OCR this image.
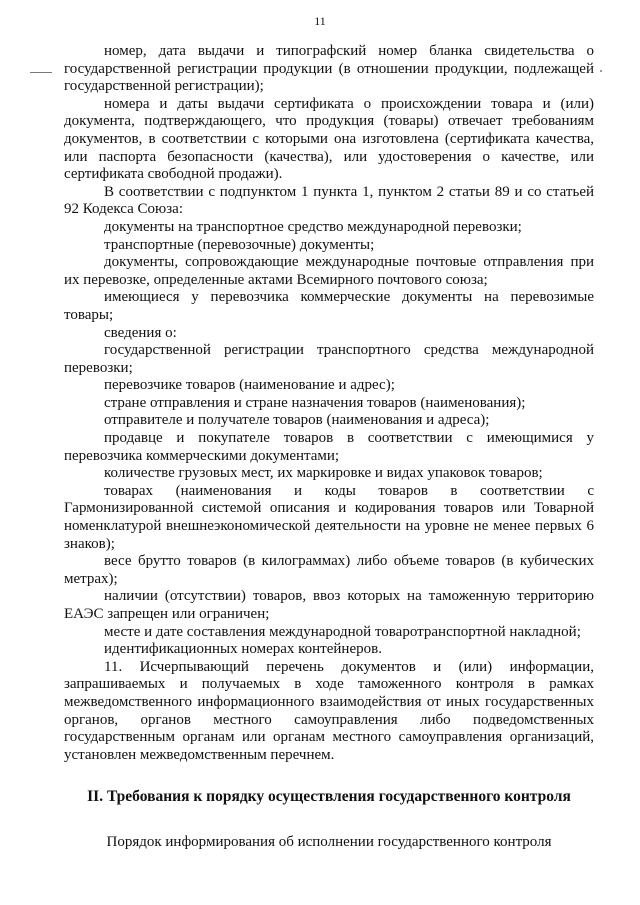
11

номер, дата выдачи и типографский номер бланка свидетельства о государственной регистрации продукции (в отношении продукции, подлежащей государственной регистрации);

номера и даты выдачи сертификата о происхождении товара и (или) документа, подтверждающего, что продукция (товары) отвечает требованиям документов, в соответствии с которыми она изготовлена (сертификата качества, или паспорта безопасности (качества), или удостоверения о качестве, или сертификата свободной продажи).

В соответствии с подпунктом 1 пункта 1, пунктом 2 статьи 89 и со статьей 92 Кодекса Союза:

документы на транспортное средство международной перевозки;

транспортные (перевозочные) документы;

документы, сопровождающие международные почтовые отправления при их перевозке, определенные актами Всемирного почтового союза;

имеющиеся у перевозчика коммерческие документы на перевозимые товары;

сведения о:

государственной регистрации транспортного средства международной перевозки;

перевозчике товаров (наименование и адрес);

стране отправления и стране назначения товаров (наименования);

отправителе и получателе товаров (наименования и адреса);

продавце и покупателе товаров в соответствии с имеющимися у перевозчика коммерческими документами;

количестве грузовых мест, их маркировке и видах упаковок товаров;

товарах (наименования и коды товаров в соответствии с Гармонизированной системой описания и кодирования товаров или Товарной номенклатурой внешнеэкономической деятельности на уровне не менее первых 6 знаков);

весе брутто товаров (в килограммах) либо объеме товаров (в кубических метрах);

наличии (отсутствии) товаров, ввоз которых на таможенную территорию ЕАЭС запрещен или ограничен;

месте и дате составления международной товаротранспортной накладной;

идентификационных номерах контейнеров.

11. Исчерпывающий перечень документов и (или) информации, запрашиваемых и получаемых в ходе таможенного контроля в рамках межведомственного информационного взаимодействия от иных государственных органов, органов местного самоуправления либо подведомственных государственным органам или органам местного самоуправления организаций, установлен межведомственным перечнем.

II. Требования к порядку осуществления государственного контроля
Порядок информирования об исполнении государственного контроля
